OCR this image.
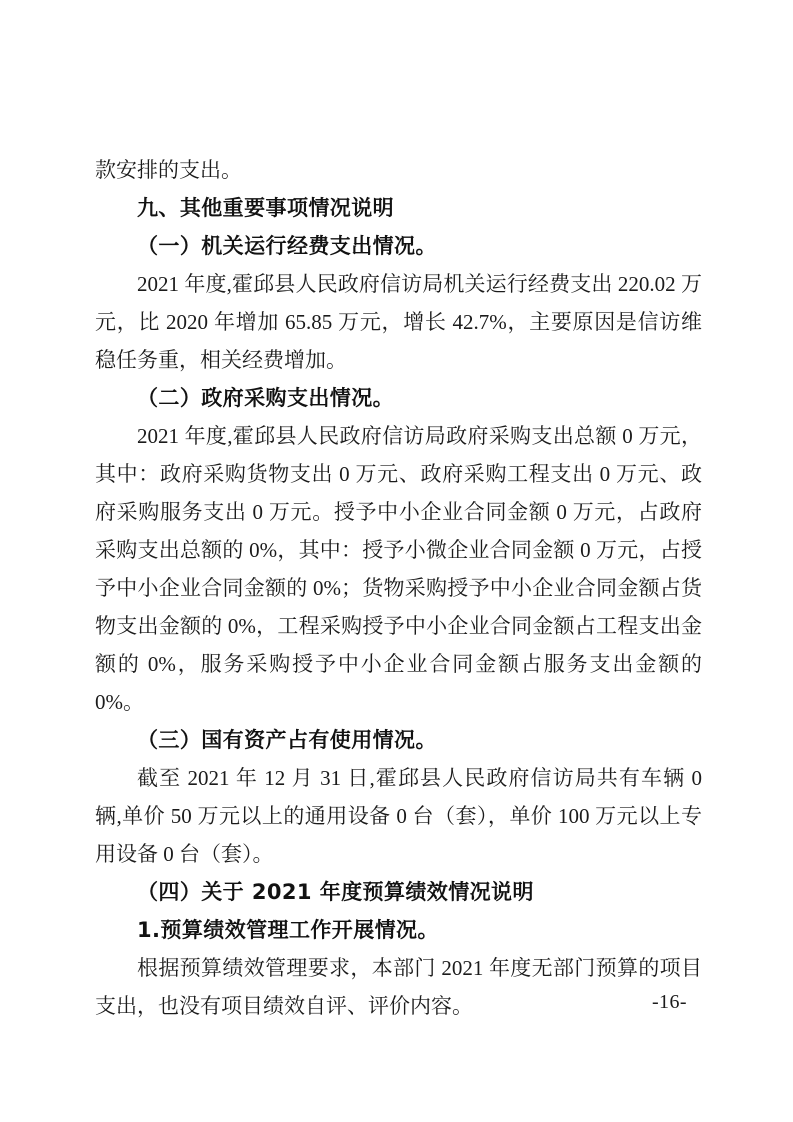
款安排的支出。

九、其他重要事项情况说明
（一）机关运行经费支出情况。

2021 年度,霍邱县人民政府信访局机关运行经费支出 220.02 万元，比 2020 年增加 65.85 万元，增长 42.7%，主要原因是信访维稳任务重，相关经费增加。

（二）政府采购支出情况。

2021 年度,霍邱县人民政府信访局政府采购支出总额 0 万元，其中：政府采购货物支出 0 万元、政府采购工程支出 0 万元、政府采购服务支出 0 万元。授予中小企业合同金额 0 万元，占政府采购支出总额的 0%，其中：授予小微企业合同金额 0 万元，占授予中小企业合同金额的 0%；货物采购授予中小企业合同金额占货物支出金额的 0%，工程采购授予中小企业合同金额占工程支出金额的 0%，服务采购授予中小企业合同金额占服务支出金额的 0%。

（三）国有资产占有使用情况。

截至 2021 年 12 月 31 日,霍邱县人民政府信访局共有车辆 0 辆,单价 50 万元以上的通用设备 0 台（套），单价 100 万元以上专用设备 0 台（套）。

（四）关于 2021 年度预算绩效情况说明
1.预算绩效管理工作开展情况。

根据预算绩效管理要求，本部门 2021 年度无部门预算的项目支出，也没有项目绩效自评、评价内容。	-16-
